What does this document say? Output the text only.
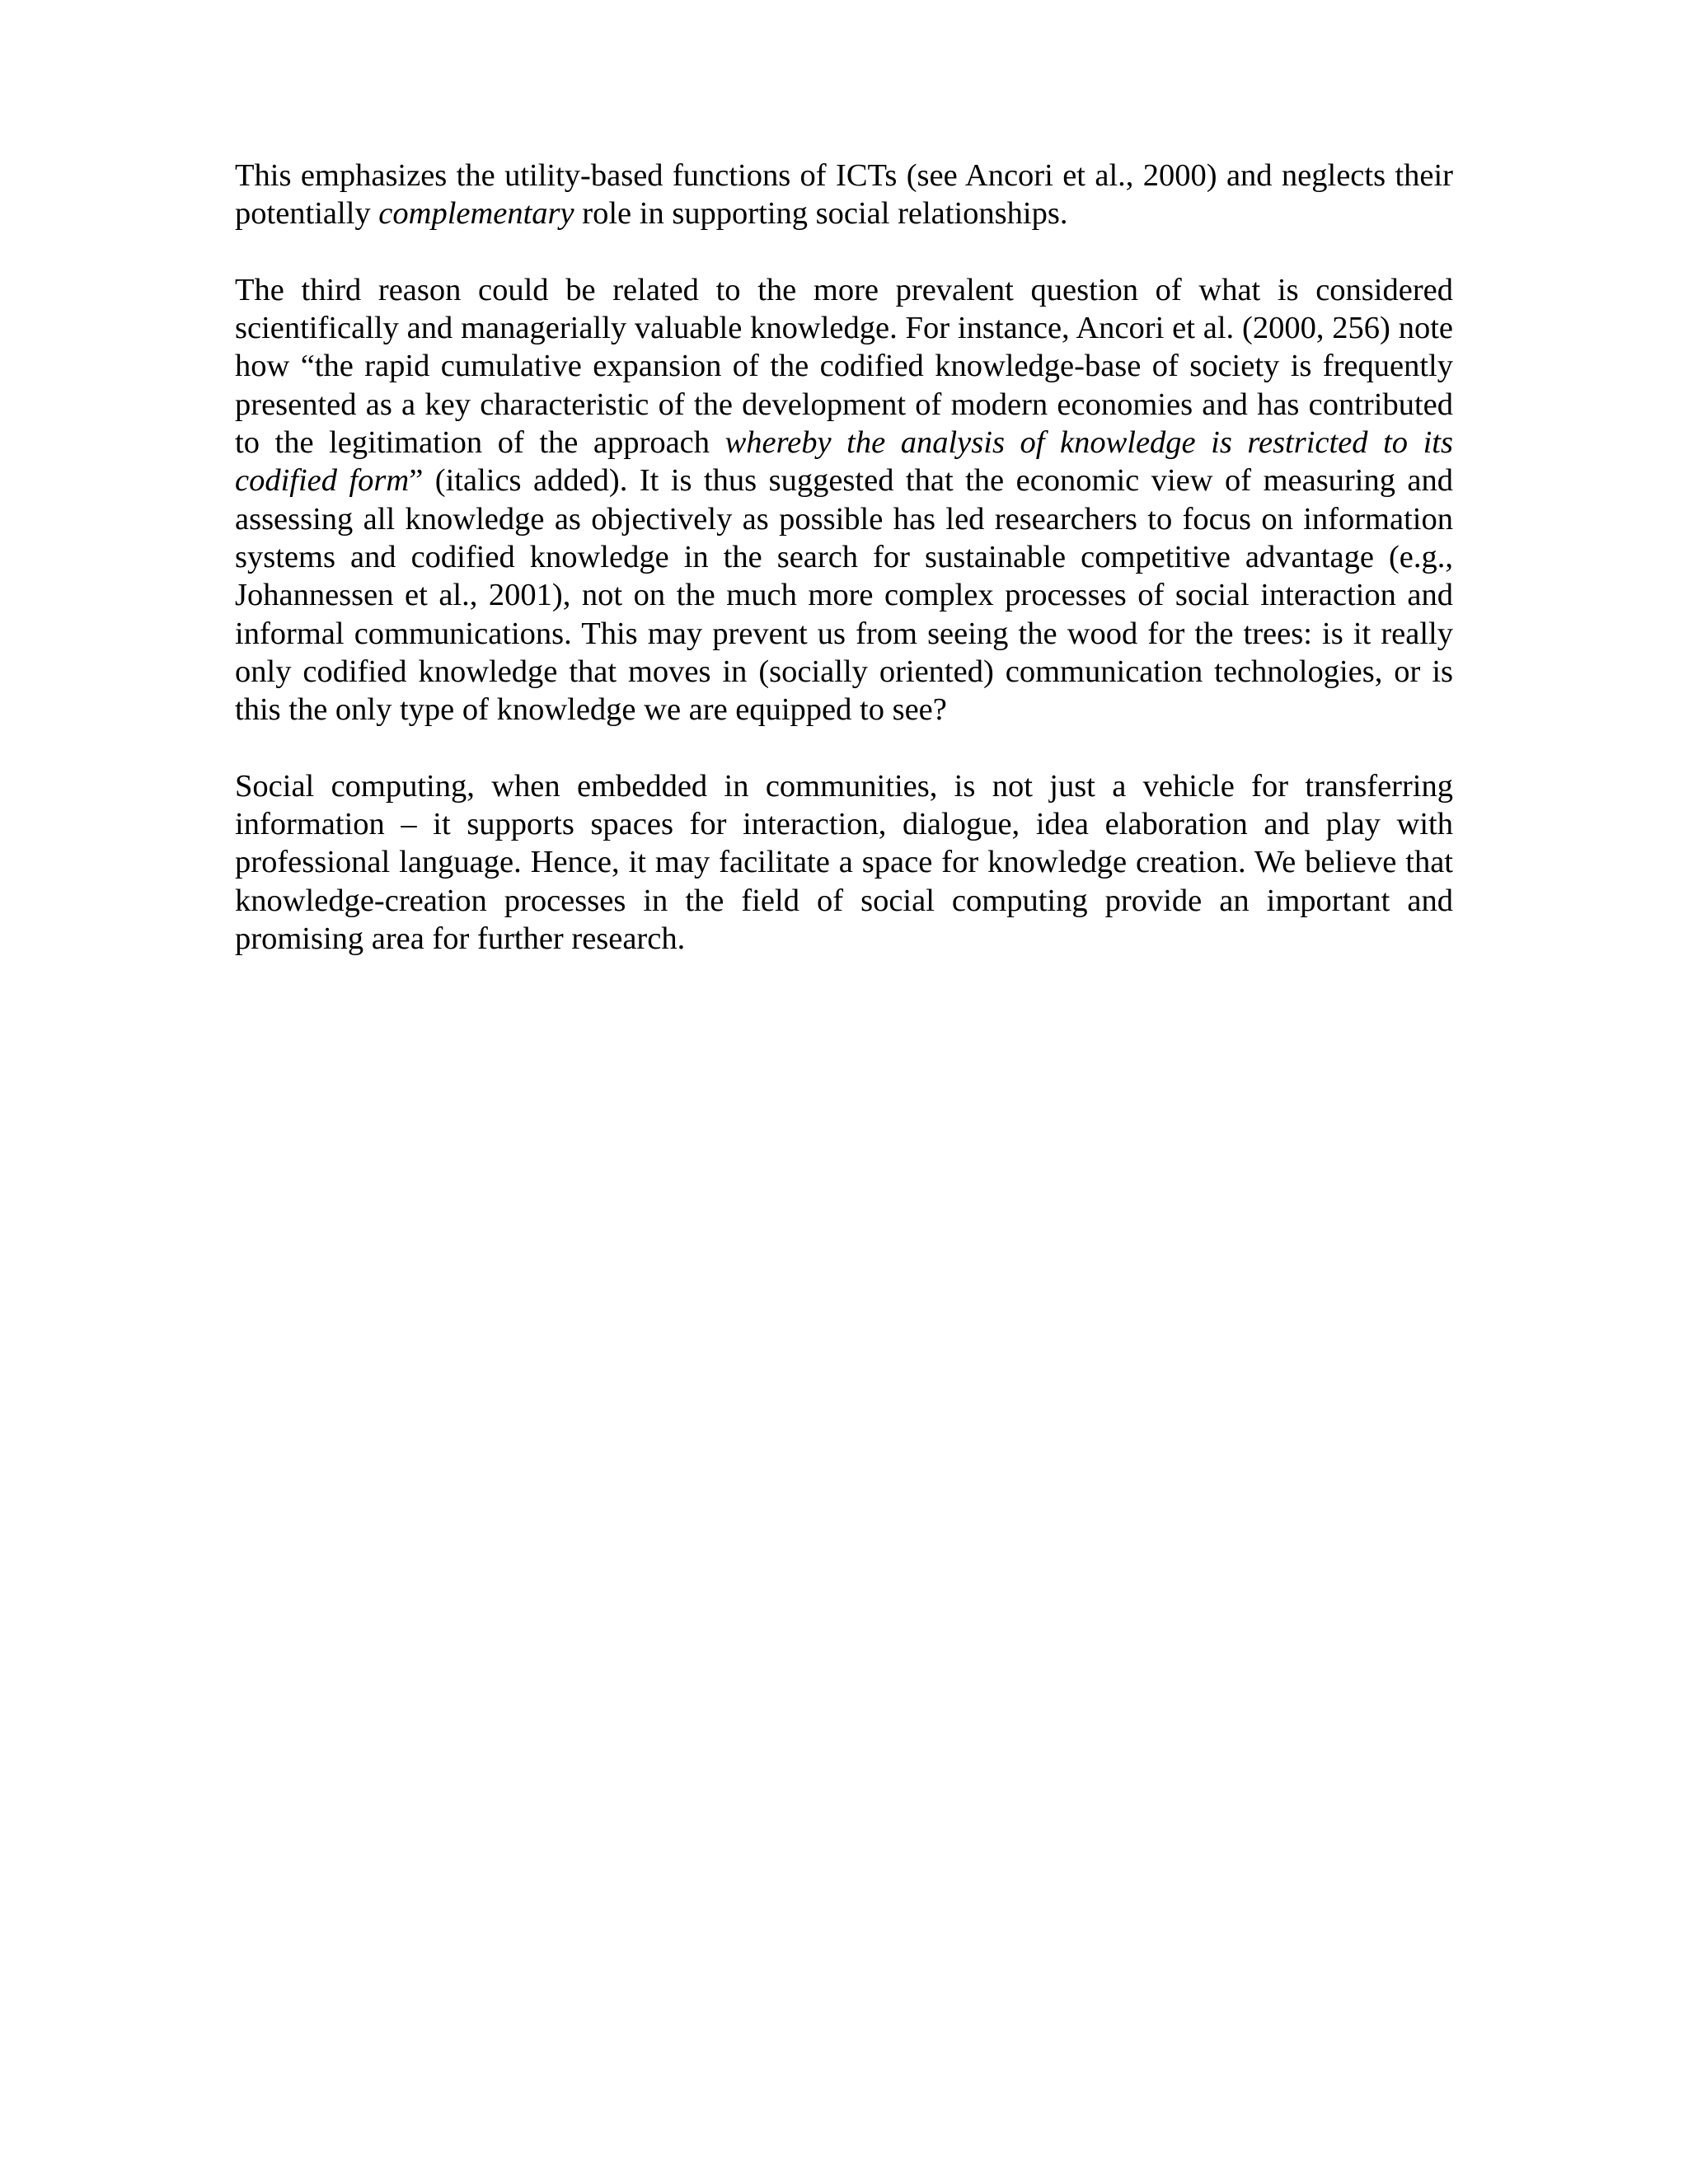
This emphasizes the utility-based functions of ICTs (see Ancori et al., 2000) and neglects their potentially complementary role in supporting social relationships.

The third reason could be related to the more prevalent question of what is considered scientifically and managerially valuable knowledge. For instance, Ancori et al. (2000, 256) note how “the rapid cumulative expansion of the codified knowledge-base of society is frequently presented as a key characteristic of the development of modern economies and has contributed to the legitimation of the approach whereby the analysis of knowledge is restricted to its codified form” (italics added). It is thus suggested that the economic view of measuring and assessing all knowledge as objectively as possible has led researchers to focus on information systems and codified knowledge in the search for sustainable competitive advantage (e.g., Johannessen et al., 2001), not on the much more complex processes of social interaction and informal communications. This may prevent us from seeing the wood for the trees: is it really only codified knowledge that moves in (socially oriented) communication technologies, or is this the only type of knowledge we are equipped to see?

Social computing, when embedded in communities, is not just a vehicle for transferring information – it supports spaces for interaction, dialogue, idea elaboration and play with professional language. Hence, it may facilitate a space for knowledge creation. We believe that knowledge-creation processes in the field of social computing provide an important and promising area for further research.
